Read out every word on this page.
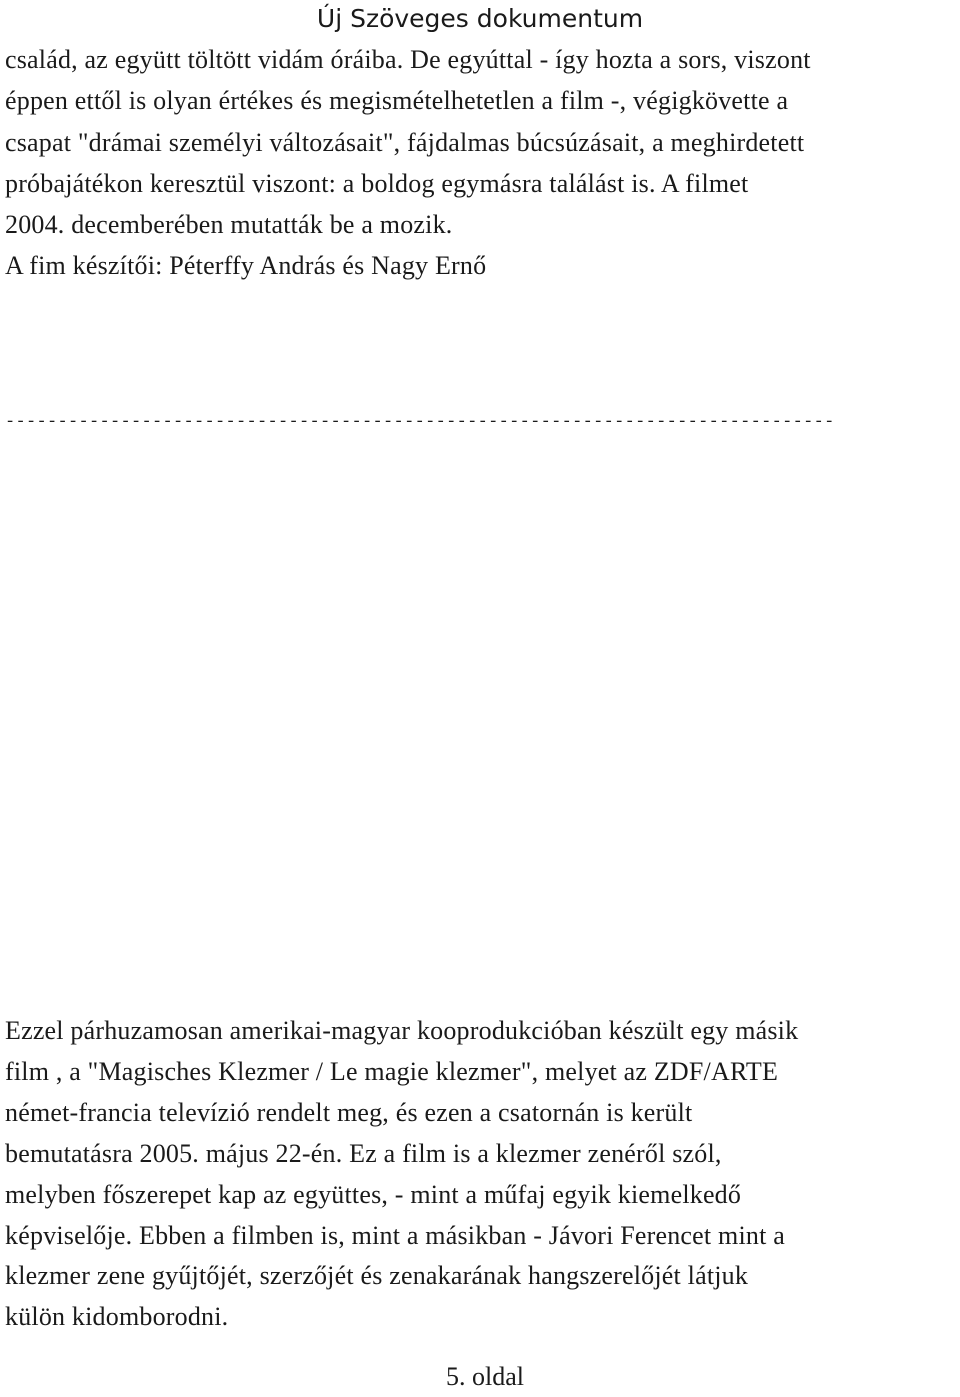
Új Szöveges dokumentum
család, az együtt töltött vidám óráiba. De egyúttal - így hozta a sors, viszont
éppen ettől is olyan értékes és megismételhetetlen a film -, végigkövette a
csapat "drámai személyi változásait", fájdalmas búcsúzásait, a meghirdetett
próbajátékon keresztül viszont: a boldog egymásra találást is. A filmet
2004. decemberében mutatták be a mozik.
A fim készítői: Péterffy András és Nagy Ernő
-------------------------------------------------------------------------------
Ezzel párhuzamosan amerikai-magyar kooprodukcióban készült egy másik
film , a "Magisches Klezmer / Le magie klezmer", melyet az ZDF/ARTE
német-francia televízió rendelt meg, és ezen a csatornán is került
bemutatásra 2005. május 22-én. Ez a film is a klezmer zenéről szól,
melyben főszerepet kap az együttes, - mint a műfaj egyik kiemelkedő
képviselője. Ebben a filmben is, mint a másikban - Jávori Ferencet mint a
klezmer zene gyűjtőjét, szerzőjét és zenakarának hangszerelőjét látjuk
külön kidomborodni.
5. oldal
